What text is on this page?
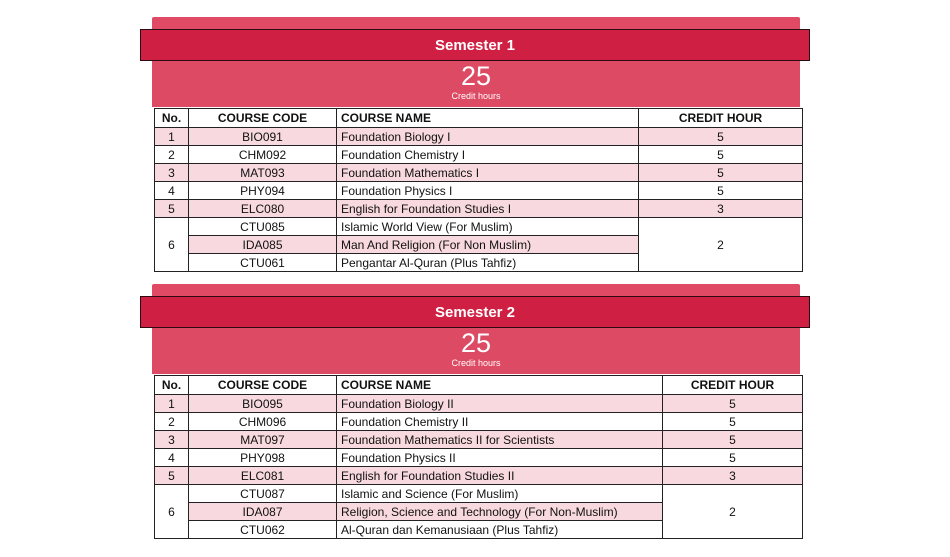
Semester 1
25
Credit hours
No.	COURSE CODE	COURSE NAME	CREDIT HOUR
1	BIO091	Foundation Biology I	5
2	CHM092	Foundation Chemistry I	5
3	MAT093	Foundation Mathematics I	5
4	PHY094	Foundation Physics I	5
5	ELC080	English for Foundation Studies I	3
6	CTU085	Islamic World View (For Muslim)	2
	IDA085	Man And Religion (For Non Muslim)	
	CTU061	Pengantar Al-Quran (Plus Tahfiz)	
Semester 2
25
Credit hours
No.	COURSE CODE	COURSE NAME	CREDIT HOUR
1	BIO095	Foundation Biology II	5
2	CHM096	Foundation Chemistry II	5
3	MAT097	Foundation Mathematics II for Scientists	5
4	PHY098	Foundation Physics II	5
5	ELC081	English for Foundation Studies II	3
6	CTU087	Islamic and Science (For Muslim)	2
	IDA087	Religion, Science and Technology (For Non-Muslim)	
	CTU062	Al-Quran dan Kemanusiaan (Plus Tahfiz)	
